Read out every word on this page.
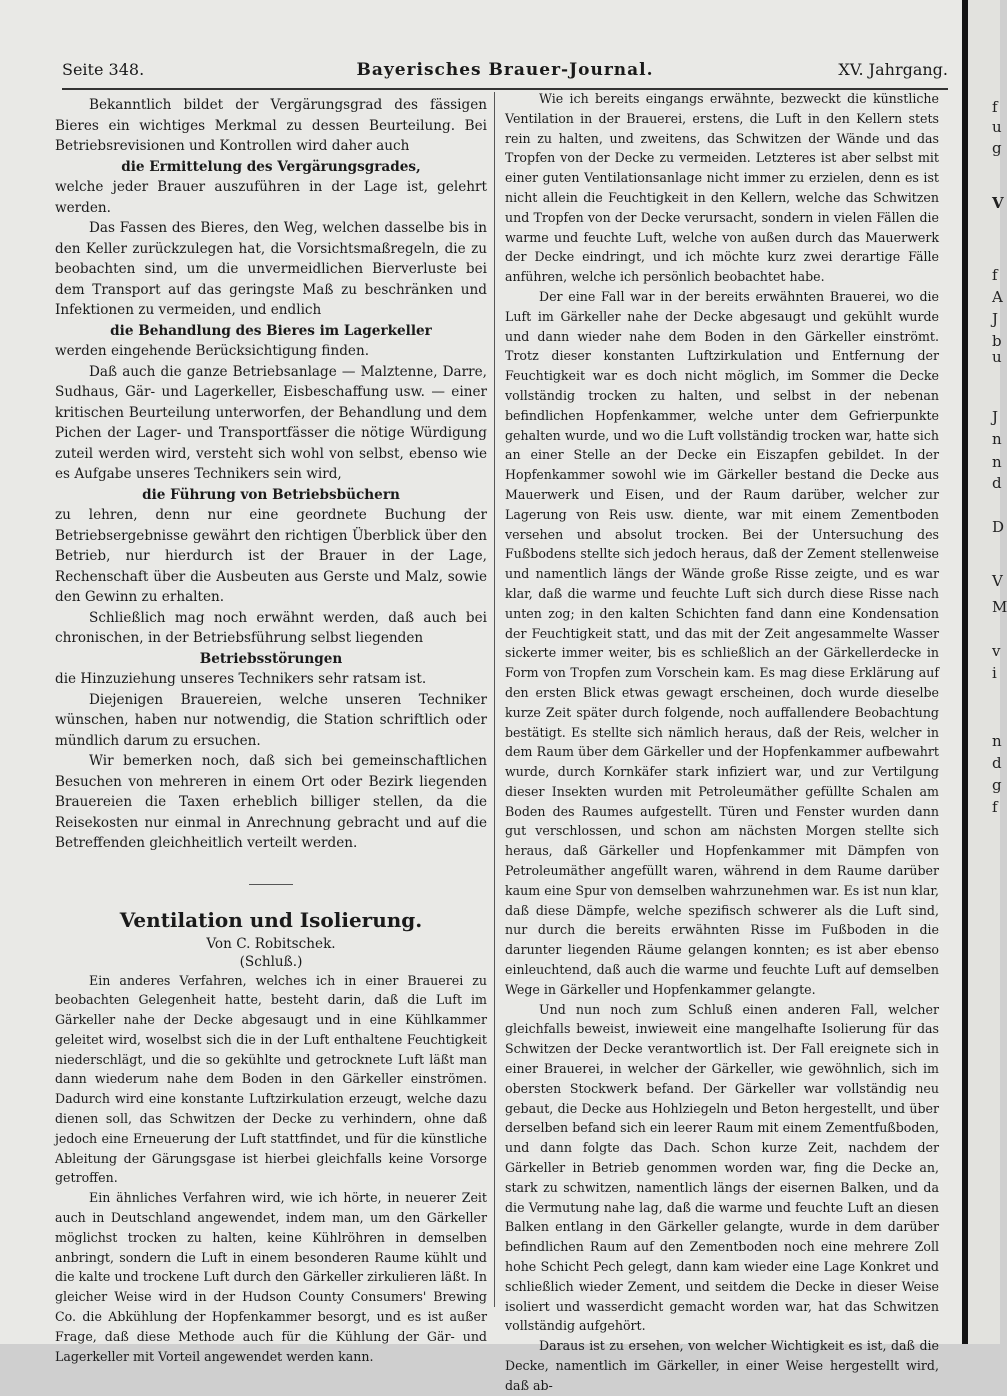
Seite 348.	Bayerisches Brauer-Journal.	XV. Jahrgang.

Bekanntlich bildet der Vergärungsgrad des fässigen Bieres ein wichtiges Merkmal zu dessen Beurteilung. Bei Betriebsrevisionen und Kontrollen wird daher auch

die Ermittelung des Vergärungsgrades,

welche jeder Brauer auszuführen in der Lage ist, gelehrt werden.

Das Fassen des Bieres, den Weg, welchen dasselbe bis in den Keller zurückzulegen hat, die Vorsichtsmaßregeln, die zu beobachten sind, um die unvermeidlichen Bierverluste bei dem Transport auf das geringste Maß zu beschränken und Infektionen zu vermeiden, und endlich

die Behandlung des Bieres im Lagerkeller

werden eingehende Berücksichtigung finden.

Daß auch die ganze Betriebsanlage — Malztenne, Darre, Sudhaus, Gär- und Lagerkeller, Eisbeschaffung usw. — einer kritischen Beurteilung unterworfen, der Behandlung und dem Pichen der Lager- und Transportfässer die nötige Würdigung zuteil werden wird, versteht sich wohl von selbst, ebenso wie es Aufgabe unseres Technikers sein wird,

die Führung von Betriebsbüchern

zu lehren, denn nur eine geordnete Buchung der Betriebsergebnisse gewährt den richtigen Überblick über den Betrieb, nur hierdurch ist der Brauer in der Lage, Rechenschaft über die Ausbeuten aus Gerste und Malz, sowie den Gewinn zu erhalten.

Schließlich mag noch erwähnt werden, daß auch bei chronischen, in der Betriebsführung selbst liegenden

Betriebsstörungen

die Hinzuziehung unseres Technikers sehr ratsam ist.

Diejenigen Brauereien, welche unseren Techniker wünschen, haben nur notwendig, die Station schriftlich oder mündlich darum zu ersuchen.

Wir bemerken noch, daß sich bei gemeinschaftlichen Besuchen von mehreren in einem Ort oder Bezirk liegenden Brauereien die Taxen erheblich billiger stellen, da die Reisekosten nur einmal in Anrechnung gebracht und auf die Betreffenden gleichheitlich verteilt werden.

Ventilation und Isolierung.
Von C. Robitschek.
(Schluß.)

Ein anderes Verfahren, welches ich in einer Brauerei zu beobachten Gelegenheit hatte, besteht darin, daß die Luft im Gärkeller nahe der Decke abgesaugt und in eine Kühlkammer geleitet wird, woselbst sich die in der Luft enthaltene Feuchtigkeit niederschlägt, und die so gekühlte und getrocknete Luft läßt man dann wiederum nahe dem Boden in den Gärkeller einströmen. Dadurch wird eine konstante Luftzirkulation erzeugt, welche dazu dienen soll, das Schwitzen der Decke zu verhindern, ohne daß jedoch eine Erneuerung der Luft stattfindet, und für die künstliche Ableitung der Gärungsgase ist hierbei gleichfalls keine Vorsorge getroffen.

Ein ähnliches Verfahren wird, wie ich hörte, in neuerer Zeit auch in Deutschland angewendet, indem man, um den Gärkeller möglichst trocken zu halten, keine Kühlröhren in demselben anbringt, sondern die Luft in einem besonderen Raume kühlt und die kalte und trockene Luft durch den Gärkeller zirkulieren läßt. In gleicher Weise wird in der Hudson County Consumers' Brewing Co. die Abkühlung der Hopfenkammer besorgt, und es ist außer Frage, daß diese Methode auch für die Kühlung der Gär- und Lagerkeller mit Vorteil angewendet werden kann.

Wie ich bereits eingangs erwähnte, bezweckt die künstliche Ventilation in der Brauerei, erstens, die Luft in den Kellern stets rein zu halten, und zweitens, das Schwitzen der Wände und das Tropfen von der Decke zu vermeiden. Letzteres ist aber selbst mit einer guten Ventilationsanlage nicht immer zu erzielen, denn es ist nicht allein die Feuchtigkeit in den Kellern, welche das Schwitzen und Tropfen von der Decke verursacht, sondern in vielen Fällen die warme und feuchte Luft, welche von außen durch das Mauerwerk der Decke eindringt, und ich möchte kurz zwei derartige Fälle anführen, welche ich persönlich beobachtet habe.

Der eine Fall war in der bereits erwähnten Brauerei, wo die Luft im Gärkeller nahe der Decke abgesaugt und gekühlt wurde und dann wieder nahe dem Boden in den Gärkeller einströmt. Trotz dieser konstanten Luftzirkulation und Entfernung der Feuchtigkeit war es doch nicht möglich, im Sommer die Decke vollständig trocken zu halten, und selbst in der nebenan befindlichen Hopfenkammer, welche unter dem Gefrierpunkte gehalten wurde, und wo die Luft vollständig trocken war, hatte sich an einer Stelle an der Decke ein Eiszapfen gebildet. In der Hopfenkammer sowohl wie im Gärkeller bestand die Decke aus Mauerwerk und Eisen, und der Raum darüber, welcher zur Lagerung von Reis usw. diente, war mit einem Zementboden versehen und absolut trocken. Bei der Untersuchung des Fußbodens stellte sich jedoch heraus, daß der Zement stellenweise und namentlich längs der Wände große Risse zeigte, und es war klar, daß die warme und feuchte Luft sich durch diese Risse nach unten zog; in den kalten Schichten fand dann eine Kondensation der Feuchtigkeit statt, und das mit der Zeit angesammelte Wasser sickerte immer weiter, bis es schließlich an der Gärkellerdecke in Form von Tropfen zum Vorschein kam. Es mag diese Erklärung auf den ersten Blick etwas gewagt erscheinen, doch wurde dieselbe kurze Zeit später durch folgende, noch auffallendere Beobachtung bestätigt. Es stellte sich nämlich heraus, daß der Reis, welcher in dem Raum über dem Gärkeller und der Hopfenkammer aufbewahrt wurde, durch Kornkäfer stark infiziert war, und zur Vertilgung dieser Insekten wurden mit Petroleumäther gefüllte Schalen am Boden des Raumes aufgestellt. Türen und Fenster wurden dann gut verschlossen, und schon am nächsten Morgen stellte sich heraus, daß Gärkeller und Hopfenkammer mit Dämpfen von Petroleumäther angefüllt waren, während in dem Raume darüber kaum eine Spur von demselben wahrzunehmen war. Es ist nun klar, daß diese Dämpfe, welche spezifisch schwerer als die Luft sind, nur durch die bereits erwähnten Risse im Fußboden in die darunter liegenden Räume gelangen konnten; es ist aber ebenso einleuchtend, daß auch die warme und feuchte Luft auf demselben Wege in Gärkeller und Hopfenkammer gelangte.

Und nun noch zum Schluß einen anderen Fall, welcher gleichfalls beweist, inwieweit eine mangelhafte Isolierung für das Schwitzen der Decke verantwortlich ist. Der Fall ereignete sich in einer Brauerei, in welcher der Gärkeller, wie gewöhnlich, sich im obersten Stockwerk befand. Der Gärkeller war vollständig neu gebaut, die Decke aus Hohlziegeln und Beton hergestellt, und über derselben befand sich ein leerer Raum mit einem Zementfußboden, und dann folgte das Dach. Schon kurze Zeit, nachdem der Gärkeller in Betrieb genommen worden war, fing die Decke an, stark zu schwitzen, namentlich längs der eisernen Balken, und da die Vermutung nahe lag, daß die warme und feuchte Luft an diesen Balken entlang in den Gärkeller gelangte, wurde in dem darüber befindlichen Raum auf den Zementboden noch eine mehrere Zoll hohe Schicht Pech gelegt, dann kam wieder eine Lage Konkret und schließlich wieder Zement, und seitdem die Decke in dieser Weise isoliert und wasserdicht gemacht worden war, hat das Schwitzen vollständig aufgehört.

Daraus ist zu ersehen, von welcher Wichtigkeit es ist, daß die Decke, namentlich im Gärkeller, in einer Weise hergestellt wird, daß ab-

f
u
g
V
f
A
J
b
u
J
n
n
d
D
V
M
v
i
n
d
g
f
